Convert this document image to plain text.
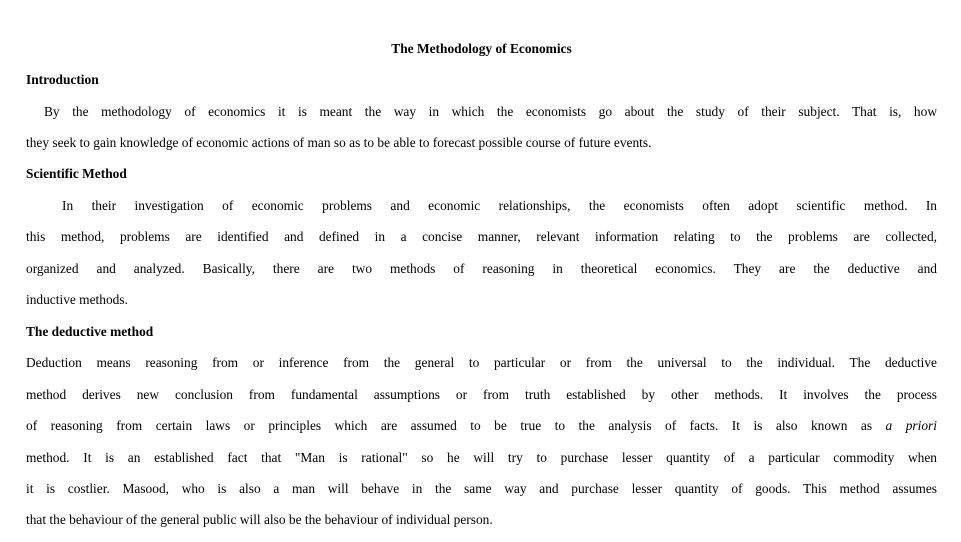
The Methodology of Economics
Introduction
By the methodology of economics it is meant the way in which the economists go about the study of their subject. That is, how
they seek to gain knowledge of economic actions of man so as to be able to forecast possible course of future events.
Scientific Method
In their investigation of economic problems and economic relationships, the economists often adopt scientific method. In
this method, problems are identified and defined in a concise manner, relevant information relating to the problems are collected,
organized and analyzed. Basically, there are two methods of reasoning in theoretical economics. They are the deductive and
inductive methods.
The deductive method
Deduction means reasoning from or inference from the general to particular or from the universal to the individual. The deductive
method derives new conclusion from fundamental assumptions or from truth established by other methods. It involves the process
of reasoning from certain laws or principles which are assumed to be true to the analysis of facts. It is also known as a priori
method. It is an established fact that "Man is rational" so he will try to purchase lesser quantity of a particular commodity when
it is costlier. Masood, who is also a man will behave in the same way and purchase lesser quantity of goods. This method assumes
that the behaviour of the general public will also be the behaviour of individual person.
